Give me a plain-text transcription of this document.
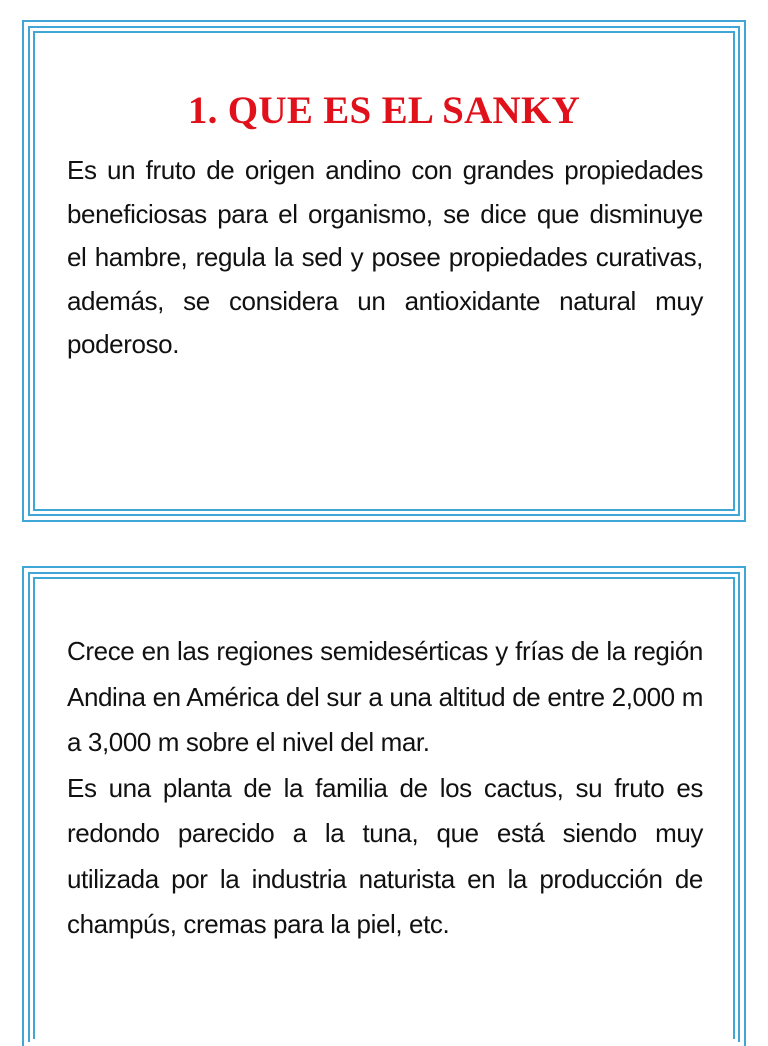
1. QUE ES EL SANKY

Es un fruto de origen andino con grandes propiedades beneficiosas para el organismo, se dice que disminuye el hambre, regula la sed y posee propiedades curativas, además, se considera un antioxidante natural muy poderoso.

Crece en las regiones semidesérticas y frías de la región Andina en América del sur a una altitud de entre 2,000 m a 3,000 m sobre el nivel del mar.

Es una planta de la familia de los cactus, su fruto es redondo parecido a la tuna, que está siendo muy utilizada por la industria naturista en la producción de champús, cremas para la piel, etc.
